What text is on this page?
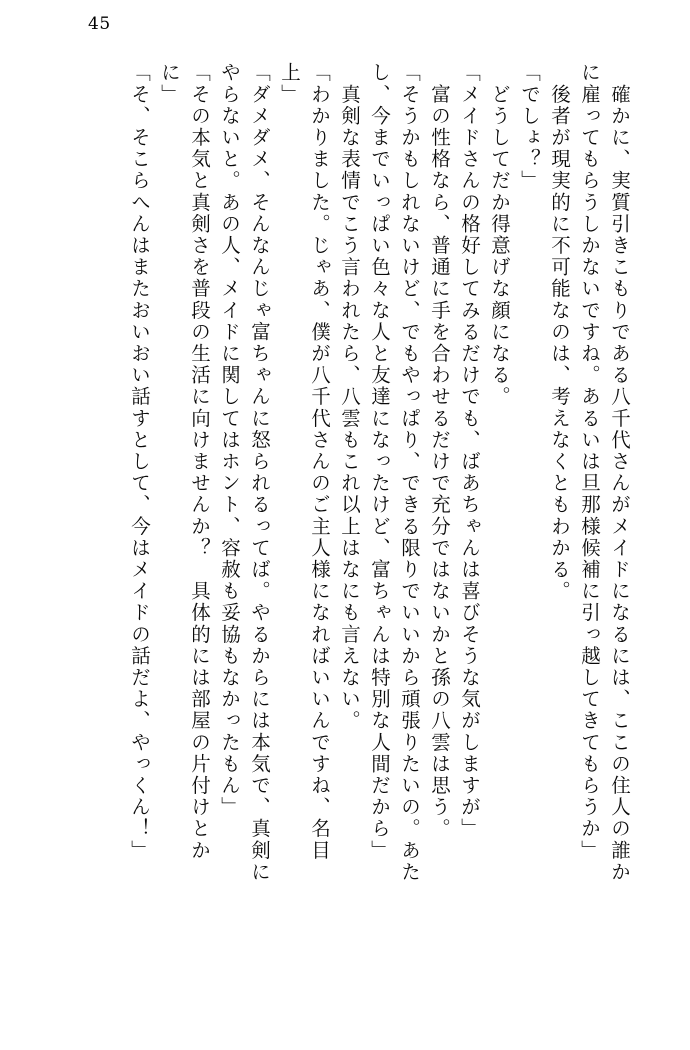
45
　確かに、実質引きこもりである八千代さんがメイドになるには、ここの住人の誰か
に雇ってもらうしかないですね。あるいは旦那様候補に引っ越してきてもらうか」
　後者が現実的に不可能なのは、考えなくともわかる。
「でしょ？」
　どうしてだか得意げな顔になる。
「メイドさんの格好してみるだけでも、ばあちゃんは喜びそうな気がしますが」
　富の性格なら、普通に手を合わせるだけで充分ではないかと孫の八雲は思う。
「そうかもしれないけど、でもやっぱり、できる限りでいいから頑張りたいの。あた
し、今までいっぱい色々な人と友達になったけど、富ちゃんは特別な人間だから」
　真剣な表情でこう言われたら、八雲もこれ以上はなにも言えない。
「わかりました。じゃあ、僕が八千代さんのご主人様になればいいんですね、名目
上」
「ダメダメ、そんなんじゃ富ちゃんに怒られるってば。やるからには本気で、真剣に
やらないと。あの人、メイドに関してはホント、容赦も妥協もなかったもん」
「その本気と真剣さを普段の生活に向けませんか？　具体的には部屋の片付けとか
に」
「そ、そこらへんはまたおいおい話すとして、今はメイドの話だよ、やっくん！」
